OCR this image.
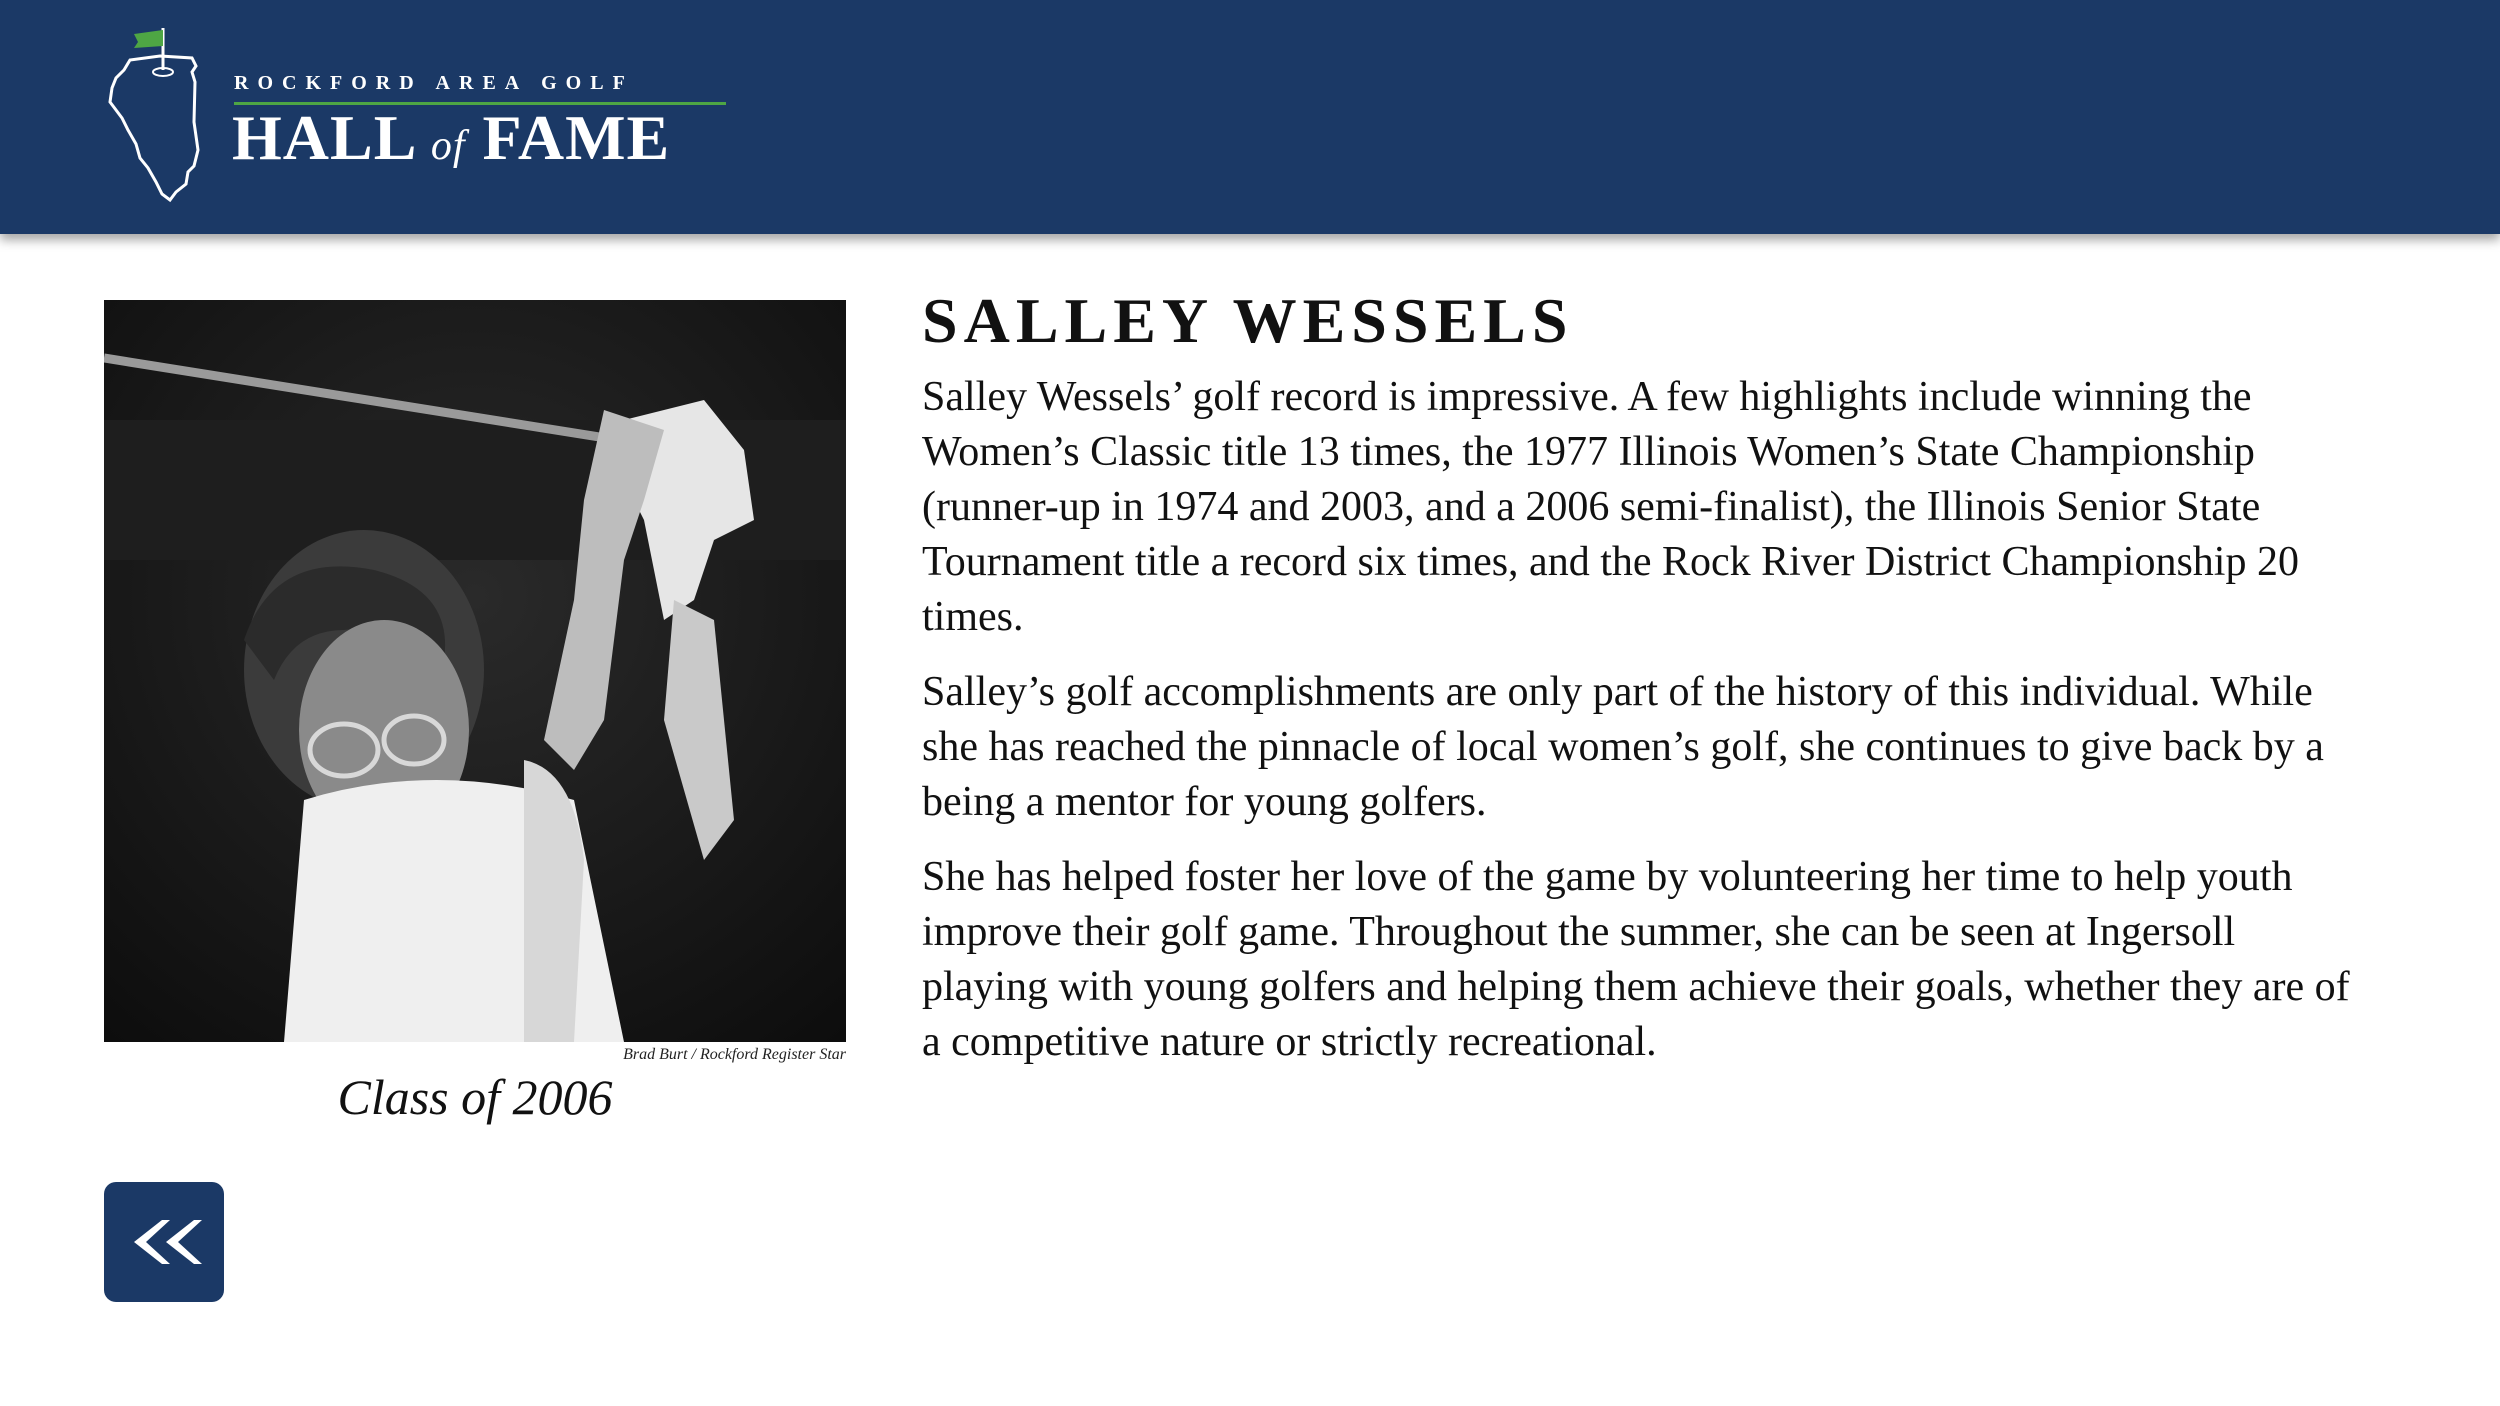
ROCKFORD AREA GOLF
HALL of FAME
Brad Burt / Rockford Register Star
Class of 2006
SALLEY WESSELS

Salley Wessels’ golf record is impressive. A few highlights include winning the Women’s Classic title 13 times, the 1977 Illinois Women’s State Championship (runner-up in 1974 and 2003, and a 2006 semi-finalist), the Illinois Senior State Tournament title a record six times, and the Rock River District Championship 20 times.

Salley’s golf accomplishments are only part of the history of this individual. While she has reached the pinnacle of local women’s golf, she continues to give back by a being a mentor for young golfers.

She has helped foster her love of the game by volunteering her time to help youth improve their golf game. Throughout the summer, she can be seen at Ingersoll playing with young golfers and helping them achieve their goals, whether they are of a competitive nature or strictly recreational.
